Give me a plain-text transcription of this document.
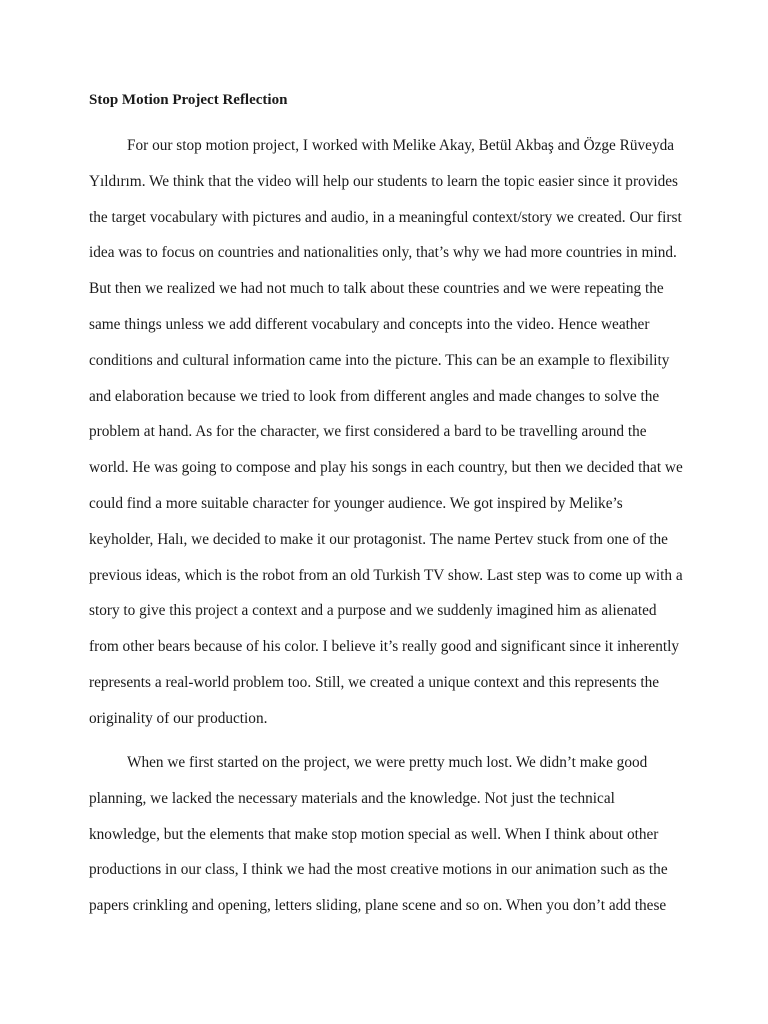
Stop Motion Project Reflection
For our stop motion project, I worked with Melike Akay, Betül Akbaş and Özge Rüveyda
Yıldırım. We think that the video will help our students to learn the topic easier since it provides
the target vocabulary with pictures and audio, in a meaningful context/story we created. Our first
idea was to focus on countries and nationalities only, that’s why we had more countries in mind.
But then we realized we had not much to talk about these countries and we were repeating the
same things unless we add different vocabulary and concepts into the video. Hence weather
conditions and cultural information came into the picture. This can be an example to flexibility
and elaboration because we tried to look from different angles and made changes to solve the
problem at hand. As for the character, we first considered a bard to be travelling around the
world. He was going to compose and play his songs in each country, but then we decided that we
could find a more suitable character for younger audience. We got inspired by Melike’s
keyholder, Halı, we decided to make it our protagonist. The name Pertev stuck from one of the
previous ideas, which is the robot from an old Turkish TV show. Last step was to come up with a
story to give this project a context and a purpose and we suddenly imagined him as alienated
from other bears because of his color. I believe it’s really good and significant since it inherently
represents a real-world problem too. Still, we created a unique context and this represents the
originality of our production.
When we first started on the project, we were pretty much lost. We didn’t make good
planning, we lacked the necessary materials and the knowledge. Not just the technical
knowledge, but the elements that make stop motion special as well. When I think about other
productions in our class, I think we had the most creative motions in our animation such as the
papers crinkling and opening, letters sliding, plane scene and so on. When you don’t add these
